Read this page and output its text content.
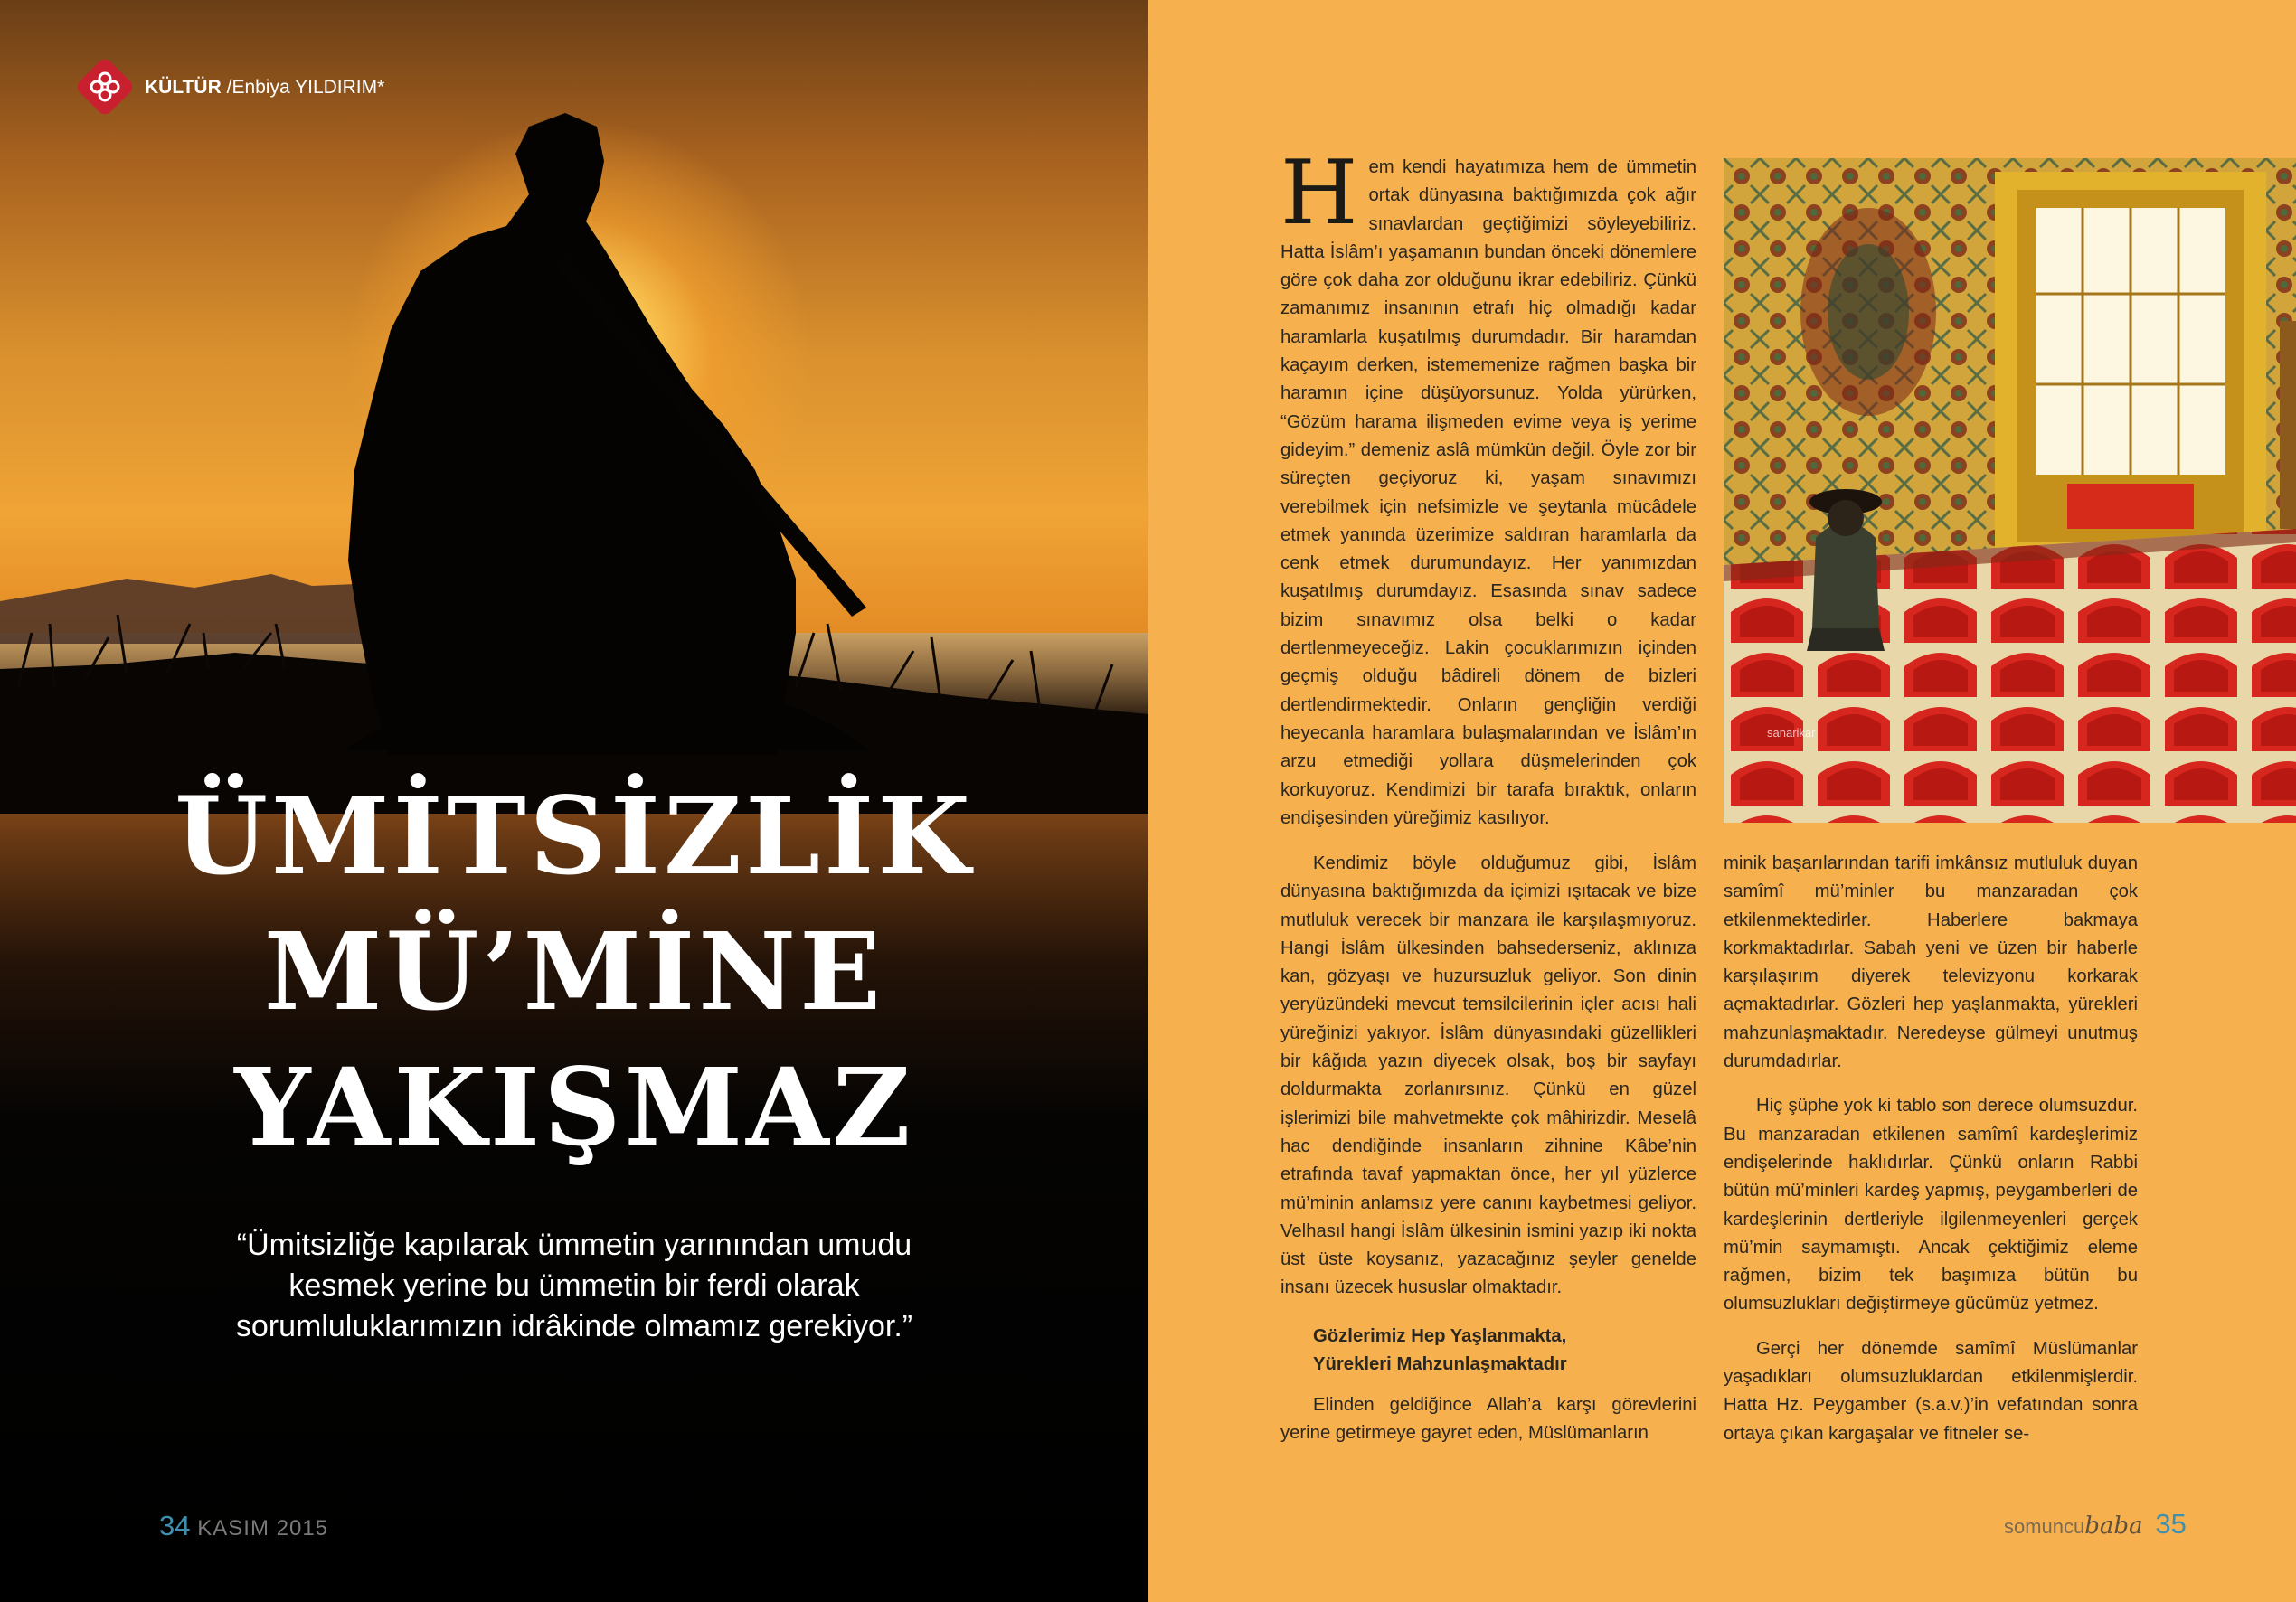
KÜLTÜR /Enbiya YILDIRIM*
ÜMİTSİZLİK
MÜ’MİNE
YAKIŞMAZ

“Ümitsizliğe kapılarak ümmetin yarınından umudu kesmek yerine bu ümmetin bir ferdi olarak sorumluluklarımızın idrâkinde olmamız gerekiyor.”

34 KASIM 2015
H em kendi hayatımıza hem de ümmetin ortak dünyasına baktığımızda çok ağır sınavlardan geçtiğimizi söyleyebiliriz. Hatta İslâm’ı yaşamanın bundan önceki dönemlere göre çok daha zor olduğunu ikrar edebiliriz. Çünkü zamanımız insanının etrafı hiç olmadığı kadar haramlarla kuşatılmış durumdadır. Bir haramdan kaçayım derken, istememenize rağmen başka bir haramın içine düşüyorsunuz. Yolda yürürken, “Gözüm harama ilişmeden evime veya iş yerime gideyim.” demeniz aslâ mümkün değil. Öyle zor bir süreçten geçiyoruz ki, yaşam sınavımızı verebilmek için nefsimizle ve şeytanla mücâdele etmek yanında üzerimize saldıran haramlarla da cenk etmek durumundayız. Her yanımızdan kuşatılmış durumdayız. Esasında sınav sadece bizim sınavımız olsa belki o kadar dertlenmeyeceğiz. Lakin çocuklarımızın içinden geçmiş olduğu bâdireli dönem de bizleri dertlendirmektedir. Onların gençliğin verdiği heyecanla haramlara bulaşmalarından ve İslâm’ın arzu etmediği yollara düşmelerinden çok korkuyoruz. Kendimizi bir tarafa bıraktık, onların endişesinden yüreğimiz kasılıyor.

sanarikar

Kendimiz böyle olduğumuz gibi, İslâm dünyasına baktığımızda da içimizi ışıtacak ve bize mutluluk verecek bir manzara ile karşılaşmıyoruz. Hangi İslâm ülkesinden bahsederseniz, aklınıza kan, gözyaşı ve huzursuzluk geliyor. Son dinin yeryüzündeki mevcut temsilcilerinin içler acısı hali yüreğinizi yakıyor. İslâm dünyasındaki güzellikleri bir kâğıda yazın diyecek olsak, boş bir sayfayı doldurmakta zorlanırsınız. Çünkü en güzel işlerimizi bile mahvetmekte çok mâhirizdir. Meselâ hac dendiğinde insanların zihnine Kâbe’nin etrafında tavaf yapmaktan önce, her yıl yüzlerce mü’minin anlamsız yere canını kaybetmesi geliyor. Velhasıl hangi İslâm ülkesinin ismini yazıp iki nokta üst üste koysanız, yazacağınız şeyler genelde insanı üzecek hususlar olmaktadır.

Gözlerimiz Hep Yaşlanmakta,
Yürekleri Mahzunlaşmaktadır

Elinden geldiğince Allah’a karşı görevlerini yerine getirmeye gayret eden, Müslümanların

minik başarılarından tarifi imkânsız mutluluk duyan samîmî mü’minler bu manzaradan çok etkilenmektedirler. Haberlere bakmaya korkmaktadırlar. Sabah yeni ve üzen bir haberle karşılaşırım diyerek televizyonu korkarak açmaktadırlar. Gözleri hep yaşlanmakta, yürekleri mahzunlaşmaktadır. Neredeyse gülmeyi unutmuş durumdadırlar.

Hiç şüphe yok ki tablo son derece olumsuzdur. Bu manzaradan etkilenen samîmî kardeşlerimiz endişelerinde haklıdırlar. Çünkü onların Rabbi bütün mü’minleri kardeş yapmış, peygamberleri de kardeşlerinin dertleriyle ilgilenmeyenleri gerçek mü’min saymamıştı. Ancak çektiğimiz eleme rağmen, bizim tek başımıza bütün bu olumsuzlukları değiştirmeye gücümüz yetmez.

Gerçi her dönemde samîmî Müslümanlar yaşadıkları olumsuzluklardan etkilenmişlerdir. Hatta Hz. Peygamber (s.a.v.)’in vefatından sonra ortaya çıkan kargaşalar ve fitneler se-

somuncubaba 35
